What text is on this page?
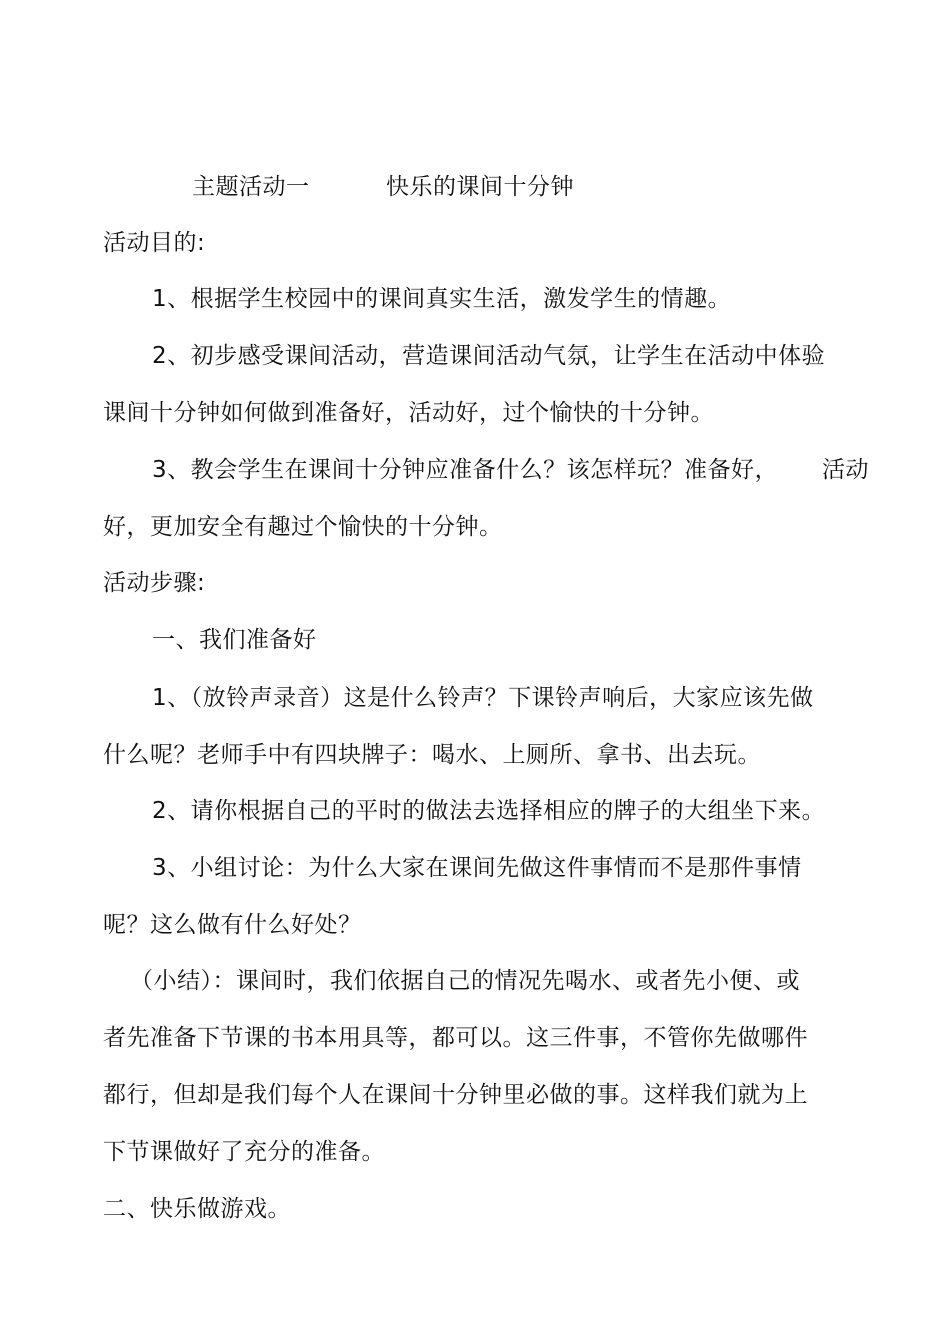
主题活动一	快乐的课间十分钟
活动目的:
1、根据学生校园中的课间真实生活，激发学生的情趣。
2、初步感受课间活动，营造课间活动气氛，让学生在活动中体验
课间十分钟如何做到准备好，活动好，过个愉快的十分钟。
3、教会学生在课间十分钟应准备什么？该怎样玩？准备好， 活动
好，更加安全有趣过个愉快的十分钟。
活动步骤:
一、我们准备好
1、（放铃声录音）这是什么铃声？下课铃声响后，大家应该先做
什么呢？老师手中有四块牌子：喝水、上厕所、拿书、出去玩。
2、请你根据自己的平时的做法去选择相应的牌子的大组坐下来。
3、小组讨论：为什么大家在课间先做这件事情而不是那件事情
呢？这么做有什么好处？
（小结）：课间时，我们依据自己的情况先喝水、或者先小便、或
者先准备下节课的书本用具等，都可以。这三件事，不管你先做哪件
都行，但却是我们每个人在课间十分钟里必做的事。这样我们就为上
下节课做好了充分的准备。
二、快乐做游戏。
